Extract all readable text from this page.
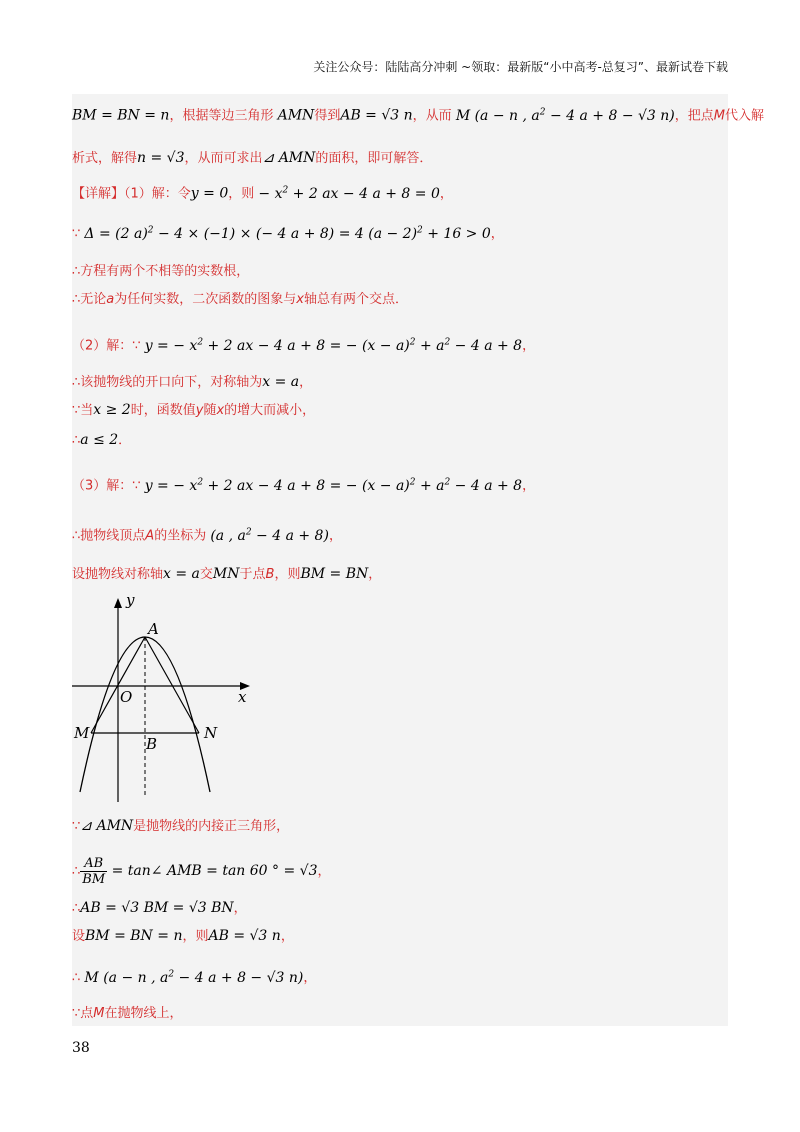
关注公众号：陆陆高分冲刺 ~领取：最新版“小中高考-总复习”、最新试卷下载
BM = BN = n，根据等边三角形 AMN得到AB = √3 n，从而 M (a − n , $a^2 - 4$ a + 8 − √3 n)，把点M代入解
析式，解得n = √3，从而可求出⊿ AMN的面积，即可解答．
【详解】（1）解：令y = 0，则 − $x^2 + 2$ ax − 4 a + 8 = 0，
∵ Δ = (2 a)$^2$ − 4 × (−1) × (− 4 a + 8) = 4 $(a - 2)^2 + 16 > 0$，
∴方程有两个不相等的实数根，
∴无论a为任何实数，二次函数的图象与x轴总有两个交点．
（2）解：∵ y = − $x^2 + 2$ ax − 4 a + 8 = − $(x - a)^2 + a^2 - 4$ a + 8，
∴该抛物线的开口向下，对称轴为x = a，
∵当x ≥ 2时，函数值y随x的增大而减小，
∴a ≤ 2．
（3）解：∵ y = − $x^2 + 2$ ax − 4 a + 8 = − $(x - a)^2 + a^2 - 4$ a + 8，
∴抛物线顶点A的坐标为 (a , $a^2 - 4$ a + 8)，
设抛物线对称轴x = a交MN于点B，则BM = BN，
y
x
A
O
M	N
B
∵⊿ AMN是抛物线的内接正三角形，
∴ $\frac{AB}{BM}$ = tan∠ AMB = tan 60 ° = √3，
∴AB = √3 BM = √3 BN，
设BM = BN = n，则AB = √3 n，
∴ M (a − n , $a^2 - 4$ a + 8 − √3 n)，
∵点M在抛物线上，
38
